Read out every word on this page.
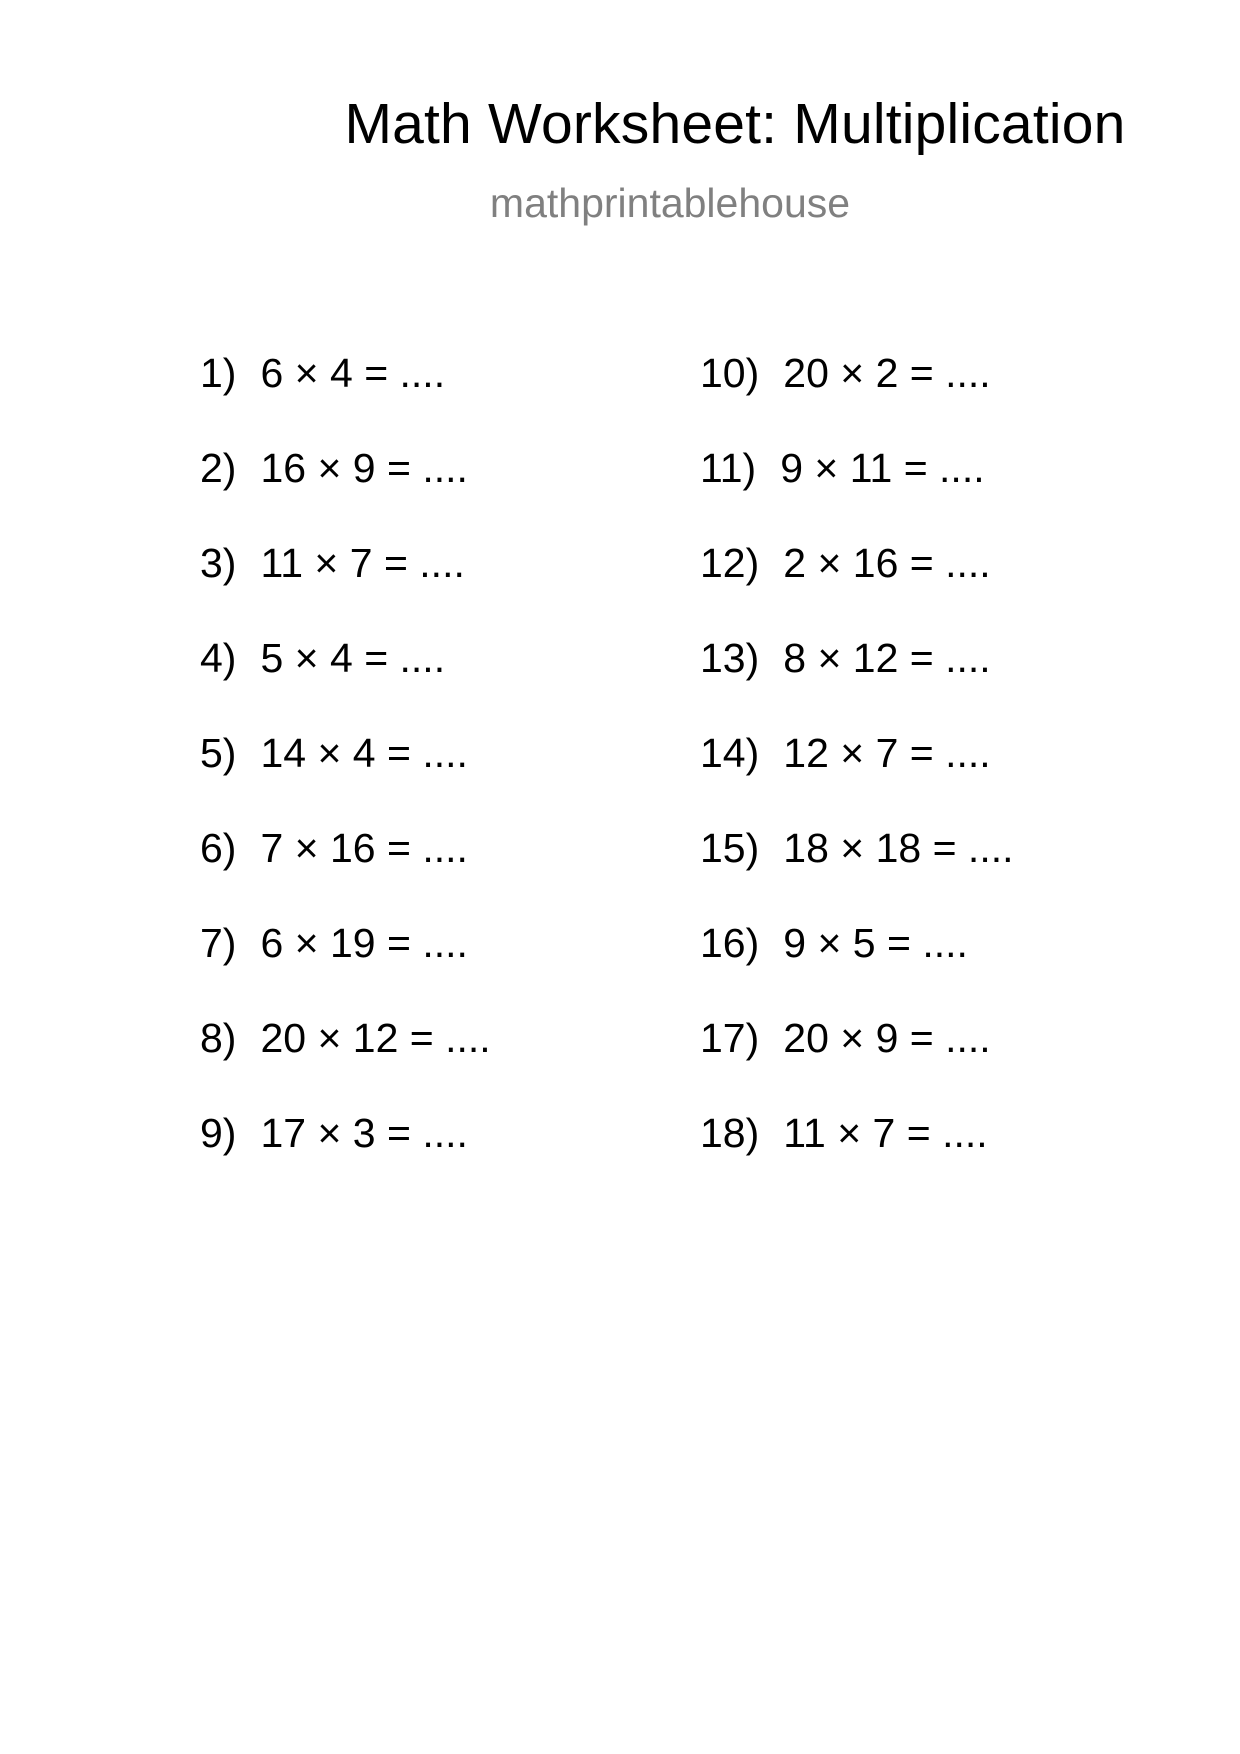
Math Worksheet: Multiplication
mathprintablehouse
1) 6 × 4 = ....
2) 16 × 9 = ....
3) 11 × 7 = ....
4) 5 × 4 = ....
5) 14 × 4 = ....
6) 7 × 16 = ....
7) 6 × 19 = ....
8) 20 × 12 = ....
9) 17 × 3 = ....
10) 20 × 2 = ....
11) 9 × 11 = ....
12) 2 × 16 = ....
13) 8 × 12 = ....
14) 12 × 7 = ....
15) 18 × 18 = ....
16) 9 × 5 = ....
17) 20 × 9 = ....
18) 11 × 7 = ....
